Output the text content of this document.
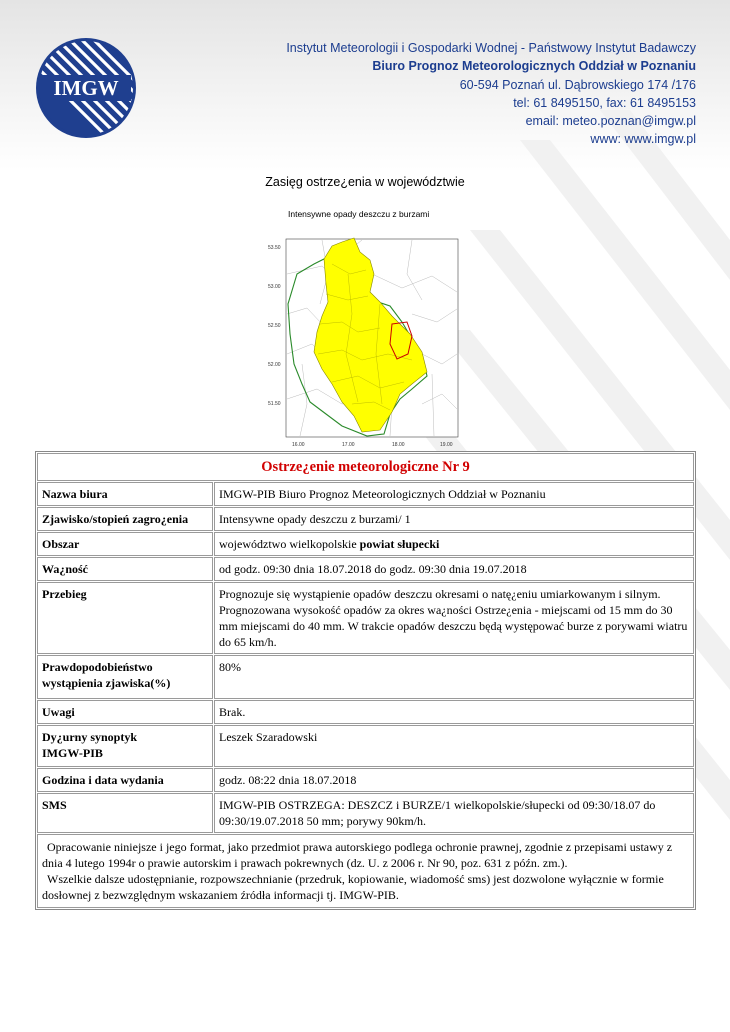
IMGW
Instytut Meteorologii i Gospodarki Wodnej - Państwowy Instytut Badawczy
Biuro Prognoz Meteorologicznych Oddział w Poznaniu
60-594 Poznań ul. Dąbrowskiego 174 /176
tel: 61 8495150, fax: 61 8495153
email: meteo.poznan@imgw.pl
www: www.imgw.pl
Zasięg ostrze¿enia w województwie
Intensywne opady deszczu z burzami
53.50
53.00
52.50
52.00
51.50
16.00	17.00	18.00	19.00
Ostrze¿enie meteorologiczne Nr 9	
Nazwa biura	IMGW-PIB Biuro Prognoz Meteorologicznych Oddział w Poznaniu
Zjawisko/stopień zagro¿enia	Intensywne opady deszczu z burzami/ 1
Obszar	województwo wielkopolskie powiat słupecki
Wa¿ność	od godz. 09:30 dnia 18.07.2018 do godz. 09:30 dnia 19.07.2018
Przebieg	Prognozuje się wystąpienie opadów deszczu okresami o natę¿eniu umiarkowanym i silnym. Prognozowana wysokość opadów za okres wa¿ności Ostrze¿enia - miejscami od 15 mm do 30 mm miejscami do 40 mm. W trakcie opadów deszczu będą występować burze z porywami wiatru do 65 km/h.
Prawdopodobieństwo
wystąpienia zjawiska(%)	80%
Uwagi	Brak.
Dy¿urny synoptyk
IMGW-PIB	Leszek Szaradowski
Godzina i data wydania	godz. 08:22 dnia 18.07.2018
SMS	IMGW-PIB OSTRZEGA: DESZCZ i BURZE/1 wielkopolskie/słupecki od 09:30/18.07 do 09:30/19.07.2018 50 mm; porywy 90km/h.

Opracowanie niniejsze i jego format, jako przedmiot prawa autorskiego podlega ochronie prawnej, zgodnie z przepisami ustawy z dnia 4 lutego 1994r o prawie autorskim i prawach pokrewnych (dz. U. z 2006 r. Nr 90, poz. 631 z późn. zm.).
Wszelkie dalsze udostępnianie, rozpowszechnianie (przedruk, kopiowanie, wiadomość sms) jest dozwolone wyłącznie w formie dosłownej z bezwzględnym wskazaniem źródła informacji tj. IMGW-PIB.	
